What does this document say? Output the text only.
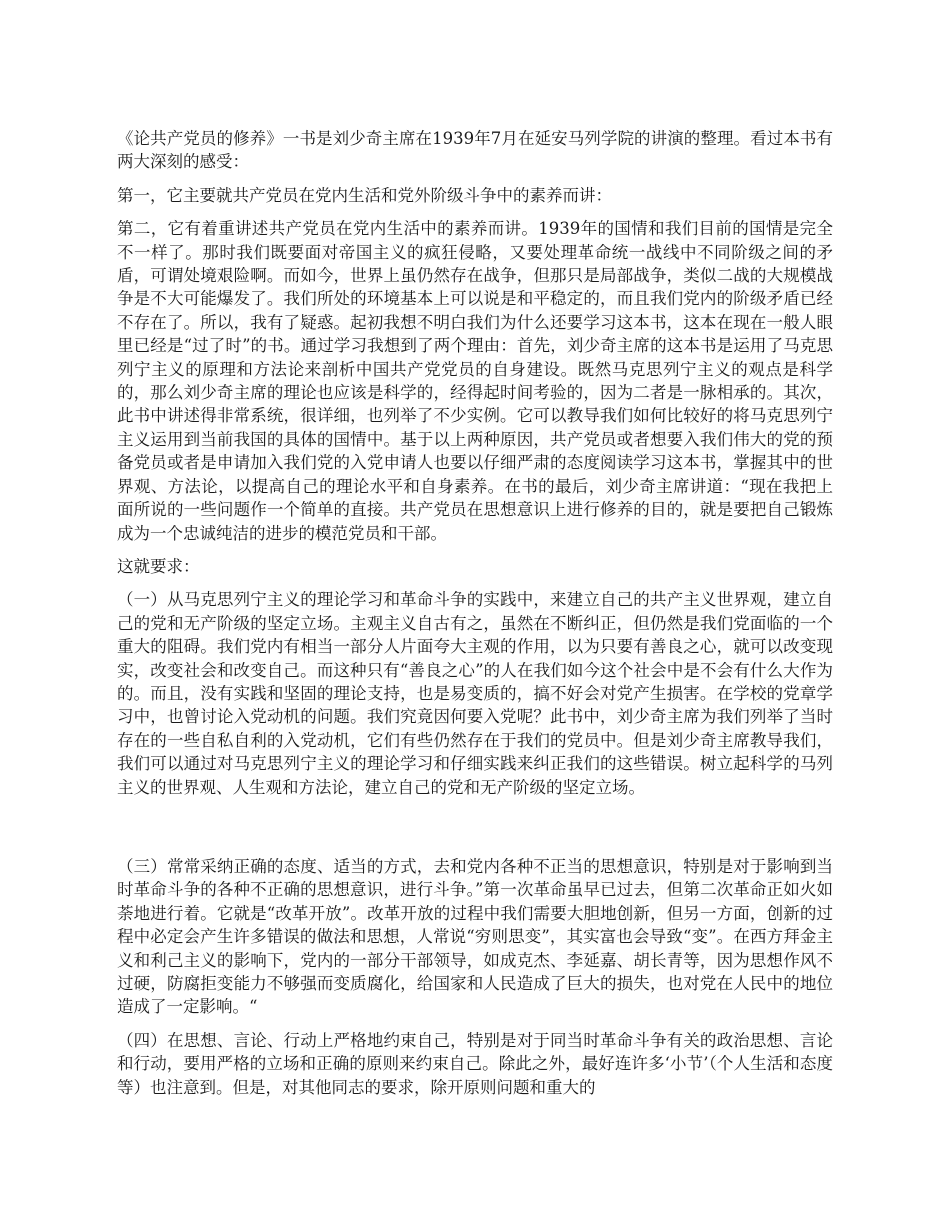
《论共产党员的修养》一书是刘少奇主席在1939年7月在延安马列学院的讲演的整理。看过本书有两大深刻的感受：

第一，它主要就共产党员在党内生活和党外阶级斗争中的素养而讲：

第二，它有着重讲述共产党员在党内生活中的素养而讲。1939年的国情和我们目前的国情是完全不一样了。那时我们既要面对帝国主义的疯狂侵略，又要处理革命统一战线中不同阶级之间的矛盾，可谓处境艰险啊。而如今，世界上虽仍然存在战争，但那只是局部战争，类似二战的大规模战争是不大可能爆发了。我们所处的环境基本上可以说是和平稳定的，而且我们党内的阶级矛盾已经不存在了。所以，我有了疑惑。起初我想不明白我们为什么还要学习这本书，这本在现在一般人眼里已经是“过了时”的书。通过学习我想到了两个理由：首先，刘少奇主席的这本书是运用了马克思列宁主义的原理和方法论来剖析中国共产党党员的自身建设。既然马克思列宁主义的观点是科学的，那么刘少奇主席的理论也应该是科学的，经得起时间考验的，因为二者是一脉相承的。其次，此书中讲述得非常系统，很详细，也列举了不少实例。它可以教导我们如何比较好的将马克思列宁主义运用到当前我国的具体的国情中。基于以上两种原因，共产党员或者想要入我们伟大的党的预备党员或者是申请加入我们党的入党申请人也要以仔细严肃的态度阅读学习这本书，掌握其中的世界观、方法论，以提高自己的理论水平和自身素养。在书的最后，刘少奇主席讲道：“现在我把上面所说的一些问题作一个简单的直接。共产党员在思想意识上进行修养的目的，就是要把自己锻炼成为一个忠诚纯洁的进步的模范党员和干部。

这就要求：

（一）从马克思列宁主义的理论学习和革命斗争的实践中，来建立自己的共产主义世界观，建立自己的党和无产阶级的坚定立场。主观主义自古有之，虽然在不断纠正，但仍然是我们党面临的一个重大的阻碍。我们党内有相当一部分人片面夸大主观的作用，以为只要有善良之心，就可以改变现实，改变社会和改变自己。而这种只有“善良之心”的人在我们如今这个社会中是不会有什么大作为的。而且，没有实践和坚固的理论支持，也是易变质的，搞不好会对党产生损害。在学校的党章学习中，也曾讨论入党动机的问题。我们究竟因何要入党呢？此书中，刘少奇主席为我们列举了当时存在的一些自私自利的入党动机，它们有些仍然存在于我们的党员中。但是刘少奇主席教导我们，我们可以通过对马克思列宁主义的理论学习和仔细实践来纠正我们的这些错误。树立起科学的马列主义的世界观、人生观和方法论，建立自己的党和无产阶级的坚定立场。

（三）常常采纳正确的态度、适当的方式，去和党内各种不正当的思想意识，特别是对于影响到当时革命斗争的各种不正确的思想意识，进行斗争。”第一次革命虽早已过去，但第二次革命正如火如荼地进行着。它就是“改革开放”。改革开放的过程中我们需要大胆地创新，但另一方面，创新的过程中必定会产生许多错误的做法和思想，人常说“穷则思变”，其实富也会导致“变”。在西方拜金主义和利己主义的影响下，党内的一部分干部领导，如成克杰、李延嘉、胡长青等，因为思想作风不过硬，防腐拒变能力不够强而变质腐化，给国家和人民造成了巨大的损失，也对党在人民中的地位造成了一定影响。“

（四）在思想、言论、行动上严格地约束自己，特别是对于同当时革命斗争有关的政治思想、言论和行动，要用严格的立场和正确的原则来约束自己。除此之外，最好连许多‘小节’（个人生活和态度等）也注意到。但是，对其他同志的要求，除开原则问题和重大的
